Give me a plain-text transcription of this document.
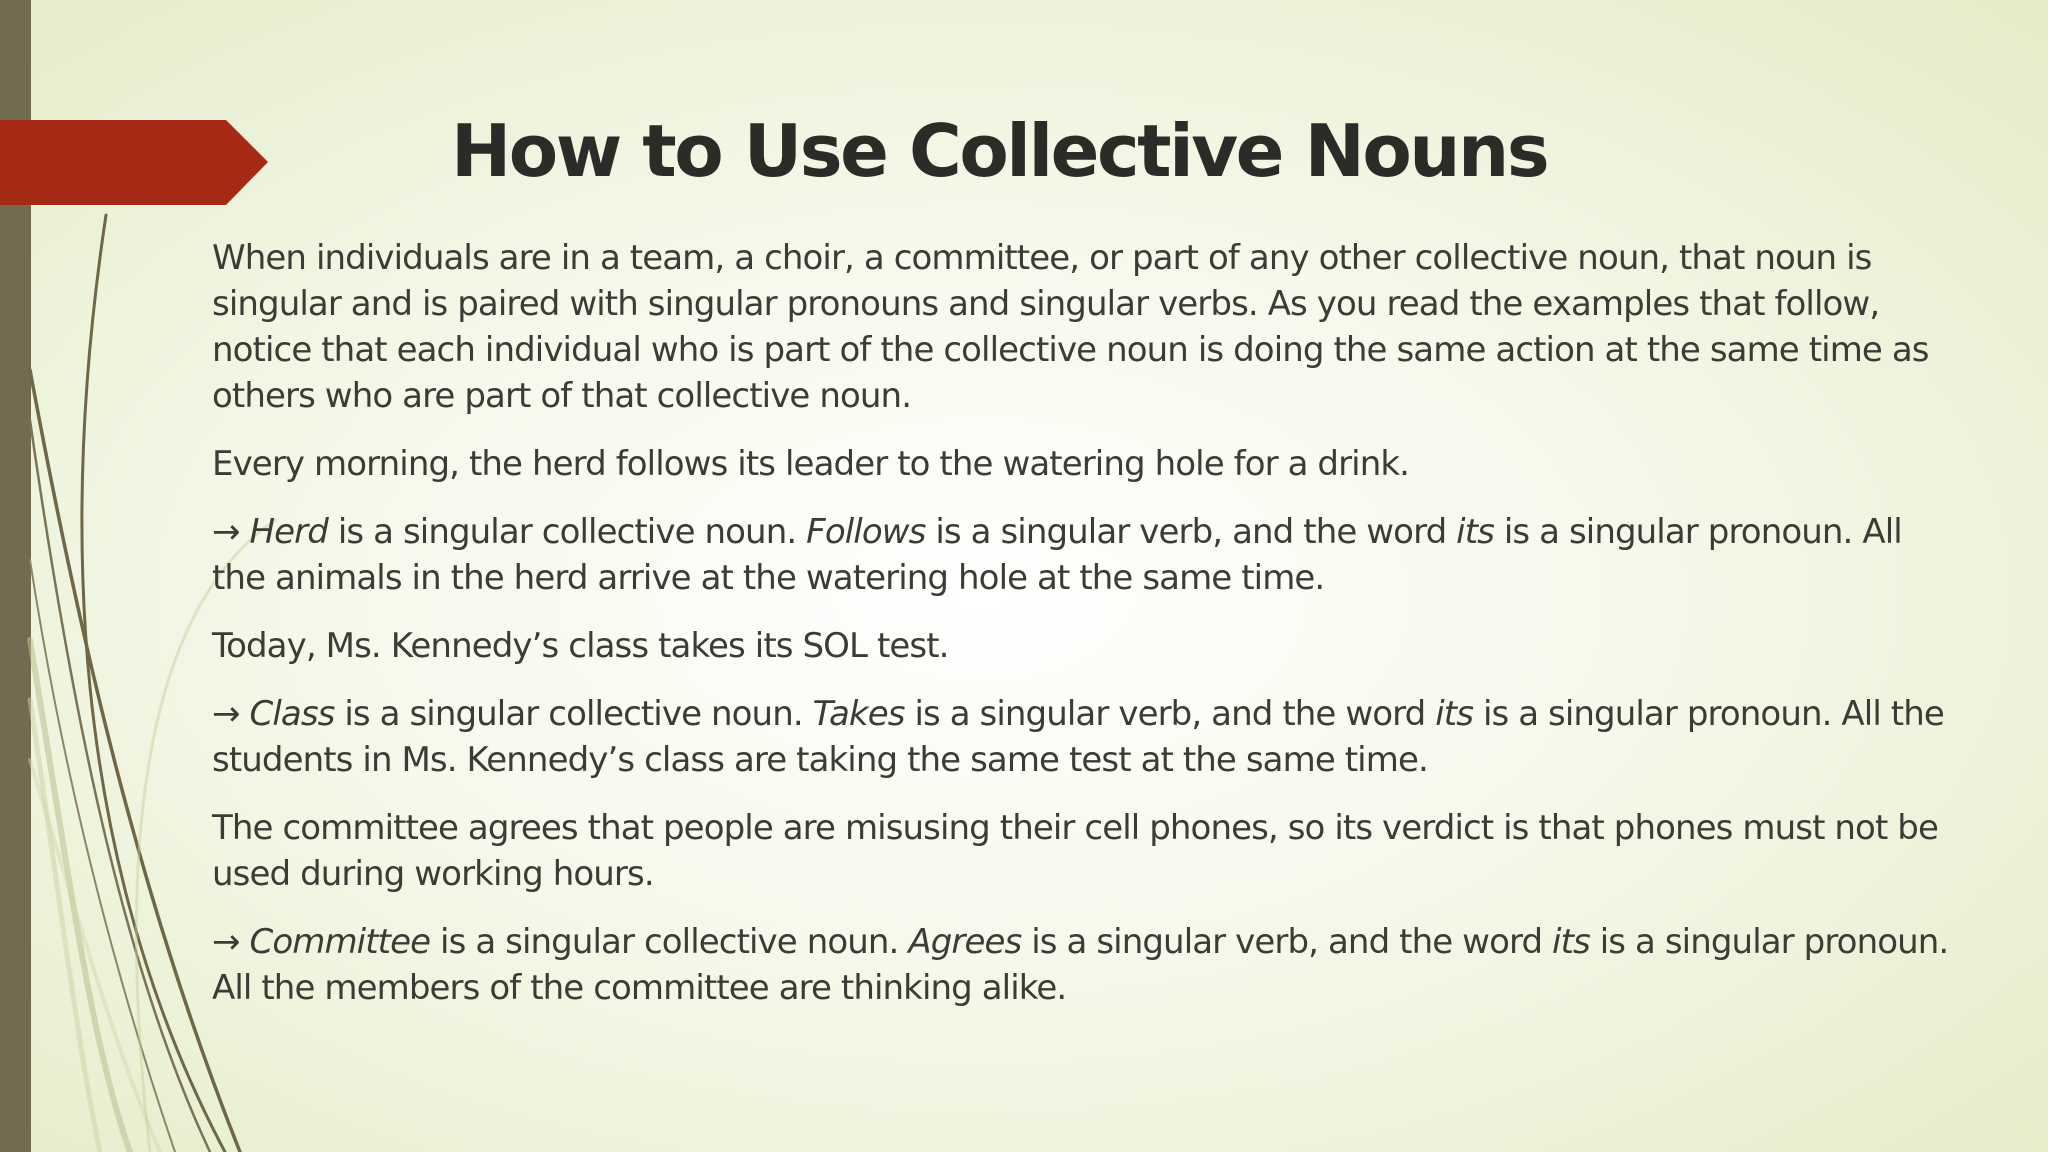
How to Use Collective Nouns

When individuals are in a team, a choir, a committee, or part of any other collective noun, that noun is singular and is paired with singular pronouns and singular verbs. As you read the examples that follow, notice that each individual who is part of the collective noun is doing the same action at the same time as others who are part of that collective noun.

Every morning, the herd follows its leader to the watering hole for a drink.

→ Herd is a singular collective noun. Follows is a singular verb, and the word its is a singular pronoun. All the animals in the herd arrive at the watering hole at the same time.

Today, Ms. Kennedy’s class takes its SOL test.

→ Class is a singular collective noun. Takes is a singular verb, and the word its is a singular pronoun. All the students in Ms. Kennedy’s class are taking the same test at the same time.

The committee agrees that people are misusing their cell phones, so its verdict is that phones must not be used during working hours.

→ Committee is a singular collective noun. Agrees is a singular verb, and the word its is a singular pronoun. All the members of the committee are thinking alike.
